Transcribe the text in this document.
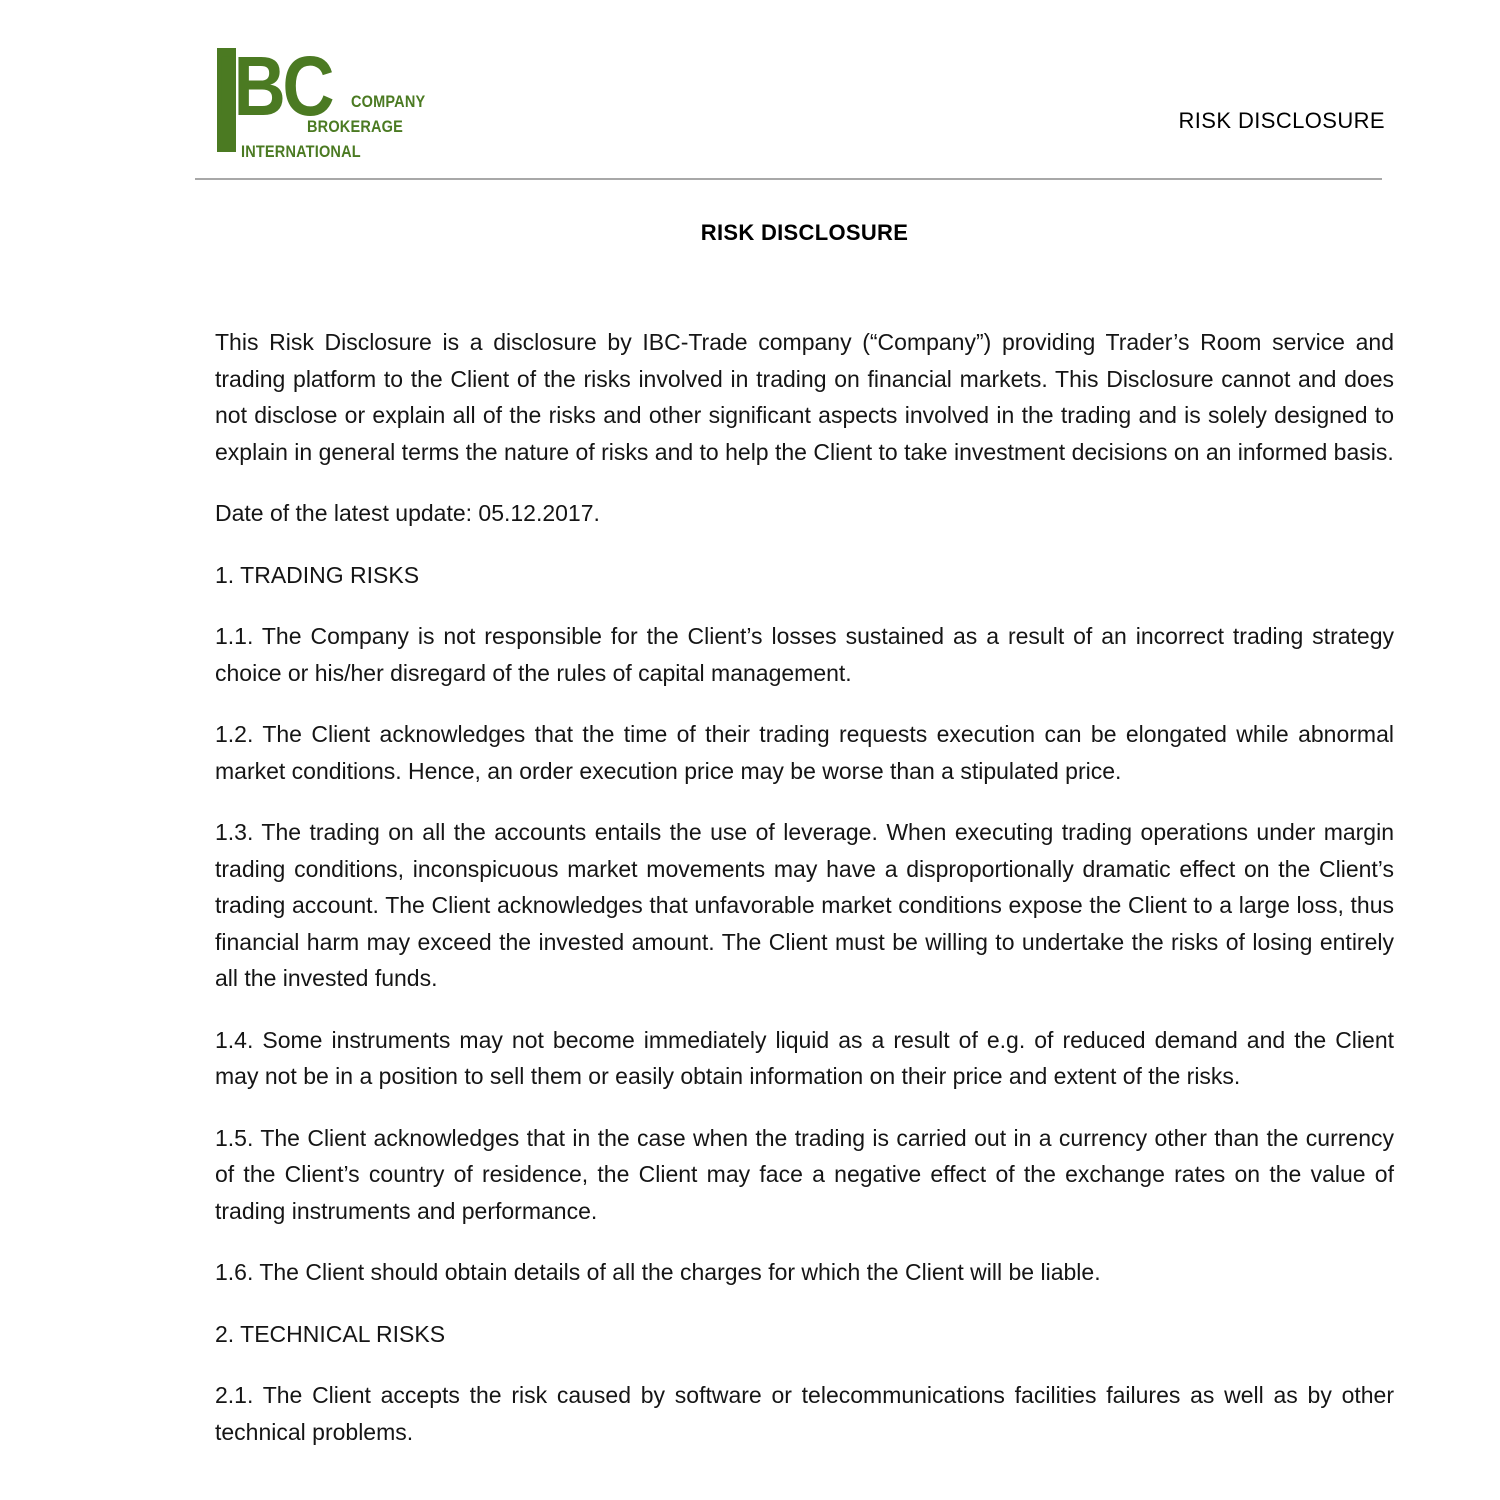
IBC COMPANY
BROKERAGE
INTERNATIONAL
RISK DISCLOSURE
RISK DISCLOSURE

This Risk Disclosure is a disclosure by IBC-Trade company (“Company”) providing Trader’s Room service and trading platform to the Client of the risks involved in trading on financial markets. This Disclosure cannot and does not disclose or explain all of the risks and other significant aspects involved in the trading and is solely designed to explain in general terms the nature of risks and to help the Client to take investment decisions on an informed basis.

Date of the latest update: 05.12.2017.

1. TRADING RISKS

1.1. The Company is not responsible for the Client’s losses sustained as a result of an incorrect trading strategy choice or his/her disregard of the rules of capital management.

1.2. The Client acknowledges that the time of their trading requests execution can be elongated while abnormal market conditions. Hence, an order execution price may be worse than a stipulated price.

1.3. The trading on all the accounts entails the use of leverage. When executing trading operations under margin trading conditions, inconspicuous market movements may have a disproportionally dramatic effect on the Client’s trading account. The Client acknowledges that unfavorable market conditions expose the Client to a large loss, thus financial harm may exceed the invested amount. The Client must be willing to undertake the risks of losing entirely all the invested funds.

1.4. Some instruments may not become immediately liquid as a result of e.g. of reduced demand and the Client may not be in a position to sell them or easily obtain information on their price and extent of the risks.

1.5. The Client acknowledges that in the case when the trading is carried out in a currency other than the currency of the Client’s country of residence, the Client may face a negative effect of the exchange rates on the value of trading instruments and performance.

1.6. The Client should obtain details of all the charges for which the Client will be liable.

2. TECHNICAL RISKS

2.1. The Client accepts the risk caused by software or telecommunications facilities failures as well as by other technical problems.
